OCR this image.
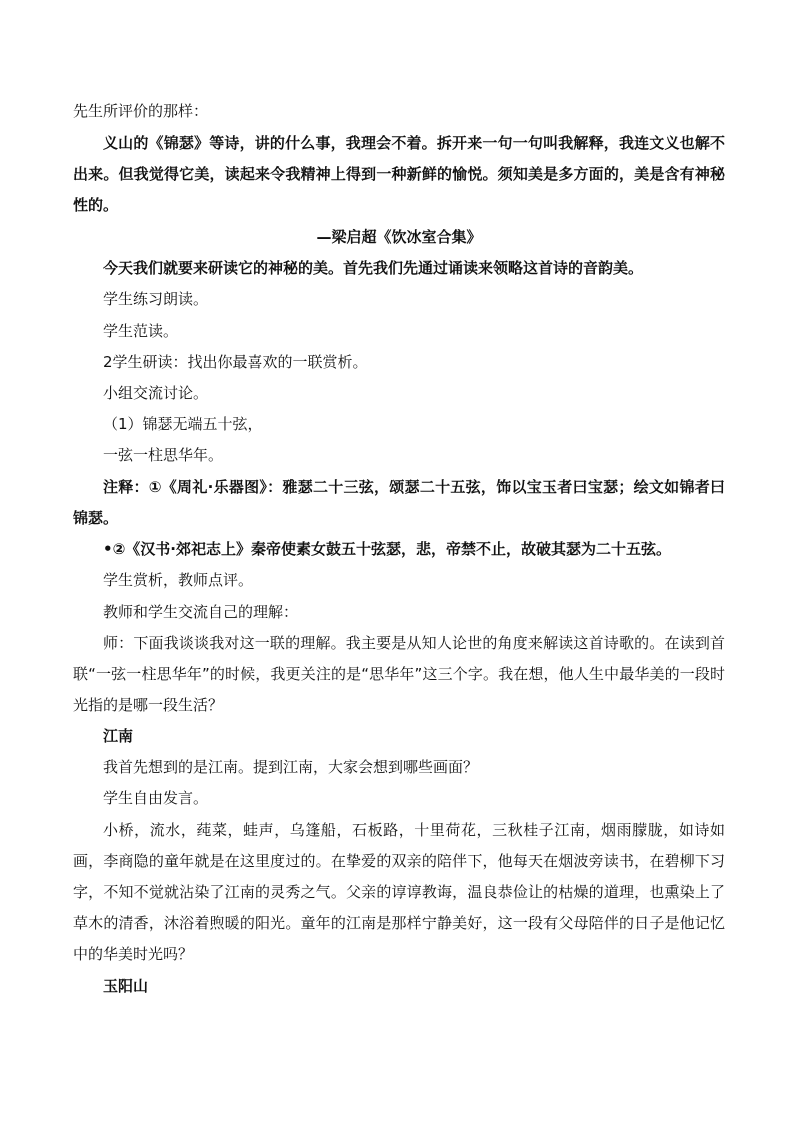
先生所评价的那样：

义山的《锦瑟》等诗，讲的什么事，我理会不着。拆开来一句一句叫我解释，我连文义也解不出来。但我觉得它美，读起来令我精神上得到一种新鲜的愉悦。须知美是多方面的，美是含有神秘性的。

—梁启超《饮冰室合集》

今天我们就要来研读它的神秘的美。首先我们先通过诵读来领略这首诗的音韵美。

学生练习朗读。

学生范读。

2学生研读：找出你最喜欢的一联赏析。

小组交流讨论。

（1）锦瑟无端五十弦，

一弦一柱思华年。

注释：①《周礼·乐器图》：雅瑟二十三弦，颂瑟二十五弦，饰以宝玉者曰宝瑟；绘文如锦者曰锦瑟。

•②《汉书·郊祀志上》秦帝使素女鼓五十弦瑟，悲，帝禁不止，故破其瑟为二十五弦。

学生赏析，教师点评。

教师和学生交流自己的理解：

师：下面我谈谈我对这一联的理解。我主要是从知人论世的角度来解读这首诗歌的。在读到首联“一弦一柱思华年”的时候，我更关注的是“思华年”这三个字。我在想，他人生中最华美的一段时光指的是哪一段生活？

江南

我首先想到的是江南。提到江南，大家会想到哪些画面？

学生自由发言。

小桥，流水，莼菜，蛙声，乌篷船，石板路，十里荷花，三秋桂子江南，烟雨朦胧，如诗如画，李商隐的童年就是在这里度过的。在挚爱的双亲的陪伴下，他每天在烟波旁读书，在碧柳下习字，不知不觉就沾染了江南的灵秀之气。父亲的谆谆教诲，温良恭俭让的枯燥的道理，也熏染上了草木的清香，沐浴着煦暖的阳光。童年的江南是那样宁静美好，这一段有父母陪伴的日子是他记忆中的华美时光吗？

玉阳山
